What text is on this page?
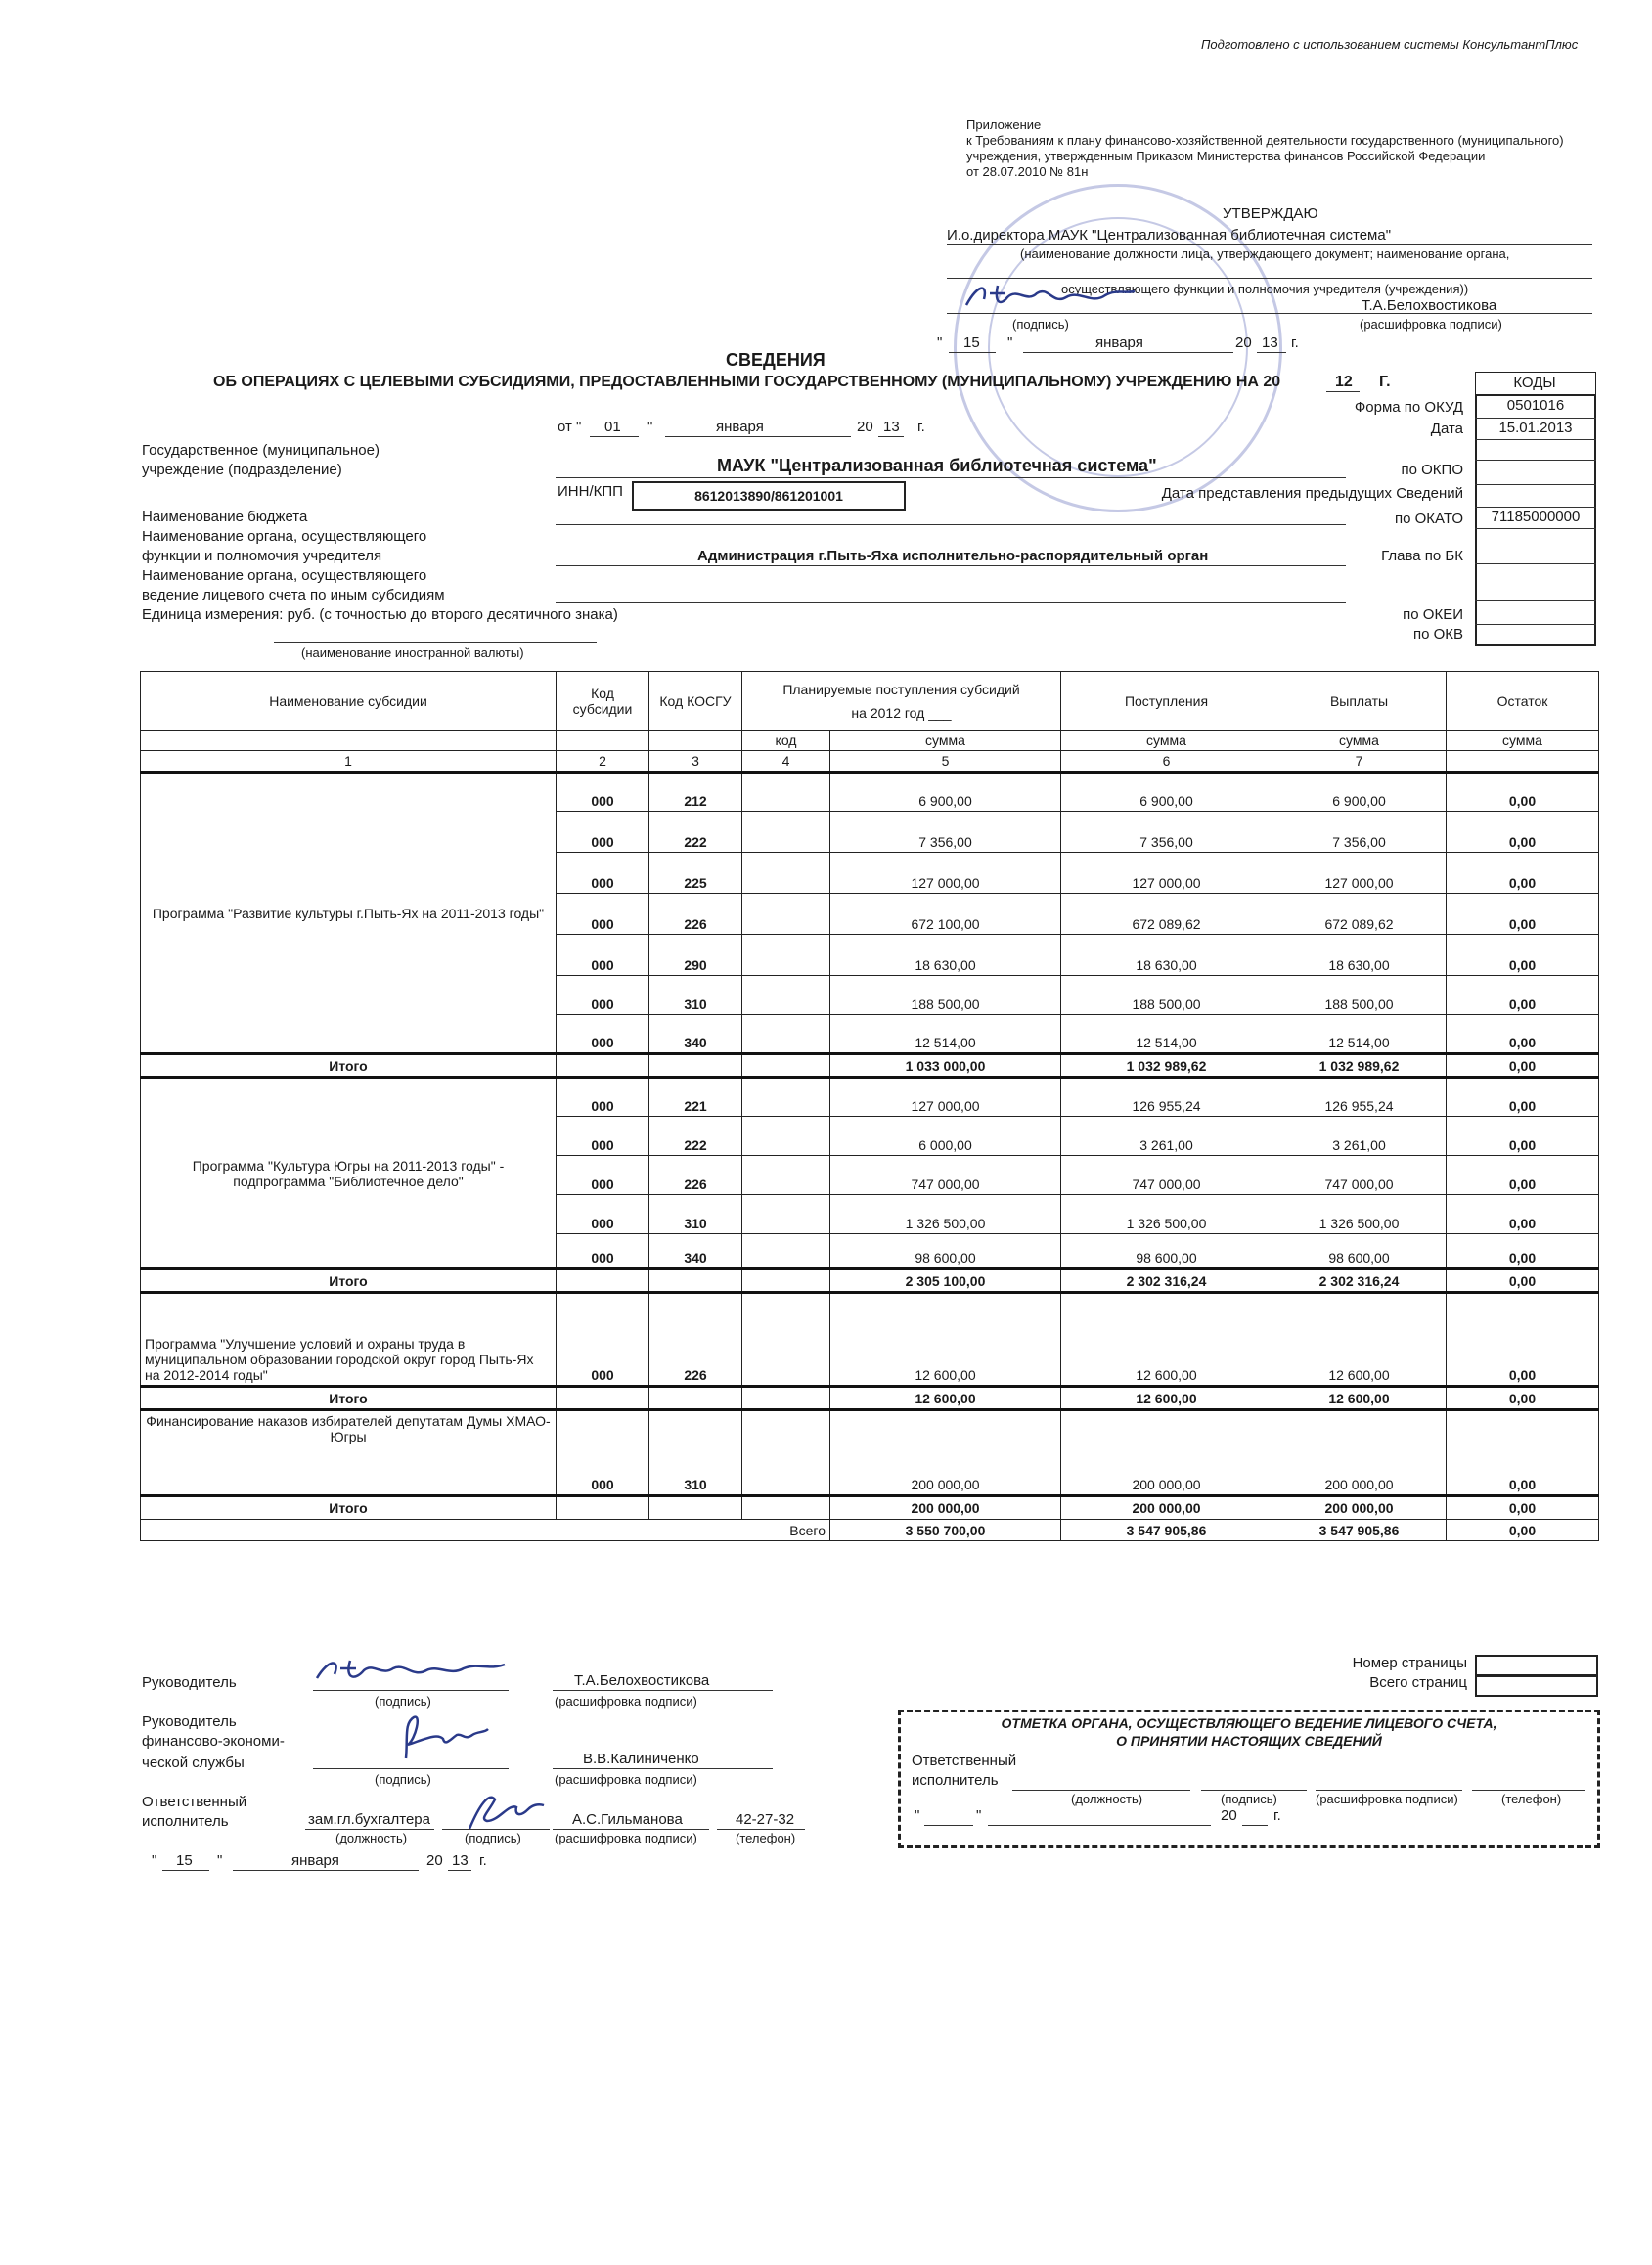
Подготовлено с использованием системы КонсультантПлюс
Приложение
к Требованиям к плану финансово-хозяйственной деятельности государственного (муниципального)
учреждения, утвержденным Приказом Министерства финансов Российской Федерации
от 28.07.2010 № 81н
УТВЕРЖДАЮ
И.о.директора МАУК "Централизованная библиотечная система"
(наименование должности лица, утверждающего документ; наименование органа,
осуществляющего функции и полномочия учредителя (учреждения))
Т.А.Белохвостикова
(подпись)	(расшифровка подписи)
" 15 "	января	20 13 г.
СВЕДЕНИЯ
ОБ ОПЕРАЦИЯХ С ЦЕЛЕВЫМИ СУБСИДИЯМИ, ПРЕДОСТАВЛЕННЫМИ ГОСУДАРСТВЕННОМУ (МУНИЦИПАЛЬНОМУ) УЧРЕЖДЕНИЮ НА 20	12 Г.	КОДЫ
Форма по ОКУД	0501016
Дата	15.01.2013
по ОКПО
Дата представления предыдущих Сведений
по ОКАТО	71185000000
Глава по БК
по ОКЕИ
по ОКВ
от " 01 "	января	20 13 г.
Государственное (муниципальное)
учреждение (подразделение)	МАУК "Централизованная библиотечная система"
ИНН/КПП	8612013890/861201001
Наименование бюджета
Наименование органа, осуществляющего
функции и полномочия учредителя	Администрация г.Пыть-Яха исполнительно-распорядительный орган
Наименование органа, осуществляющего
ведение лицевого счета по иным субсидиям
Единица измерения: руб. (с точностью до второго десятичного знака)
(наименование иностранной валюты)
Наименование субсидии	Код субсидии	Код КОСГУ	Планируемые поступления субсидий
на 2012 год ___		Поступления	Выплаты	Остаток

			код	сумма	сумма	сумма	сумма
1	2	3	4	5	6	7	
Программа "Развитие культуры г.Пыть-Ях на 2011-2013 годы"	000	212		6 900,00	6 900,00	6 900,00	0,00
	000	222		7 356,00	7 356,00	7 356,00	0,00
	000	225		127 000,00	127 000,00	127 000,00	0,00
	000	226		672 100,00	672 089,62	672 089,62	0,00
	000	290		18 630,00	18 630,00	18 630,00	0,00
	000	310		188 500,00	188 500,00	188 500,00	0,00
	000	340		12 514,00	12 514,00	12 514,00	0,00
Итого				1 033 000,00	1 032 989,62	1 032 989,62	0,00
Программа "Культура Югры на 2011-2013 годы" - подпрограмма "Библиотечное дело"	000	221		127 000,00	126 955,24	126 955,24	0,00
	000	222		6 000,00	3 261,00	3 261,00	0,00
	000	226		747 000,00	747 000,00	747 000,00	0,00
	000	310		1 326 500,00	1 326 500,00	1 326 500,00	0,00
	000	340		98 600,00	98 600,00	98 600,00	0,00
Итого				2 305 100,00	2 302 316,24	2 302 316,24	0,00
Программа "Улучшение условий и охраны труда в муниципальном образовании городской округ город Пыть-Ях на 2012-2014 годы"	000	226		12 600,00	12 600,00	12 600,00	0,00
Итого				12 600,00	12 600,00	12 600,00	0,00
Финансирование наказов избирателей депутатам Думы ХМАО-Югры	000	310		200 000,00	200 000,00	200 000,00	0,00
Итого				200 000,00	200 000,00	200 000,00	0,00
Всего				3 550 700,00	3 547 905,86	3 547 905,86	0,00
Руководитель	Т.А.Белохвостикова
(подпись)	(расшифровка подписи)
Руководитель
финансово-экономи-
ческой службы	В.В.Калиниченко
(подпись)	(расшифровка подписи)
Ответственный
исполнитель	зам.гл.бухгалтера	А.С.Гильманова	42-27-32
(должность)	(подпись)	(расшифровка подписи)	(телефон)
" 15 "	января	20 13 г.
Номер страницы
Всего страниц
ОТМЕТКА ОРГАНА, ОСУЩЕСТВЛЯЮЩЕГО ВЕДЕНИЕ ЛИЦЕВОГО СЧЕТА,
О ПРИНЯТИИ НАСТОЯЩИХ СВЕДЕНИЙ
Ответственный
исполнитель
(должность)	(подпись)	(расшифровка подписи)	(телефон)
"	"	20 г.
